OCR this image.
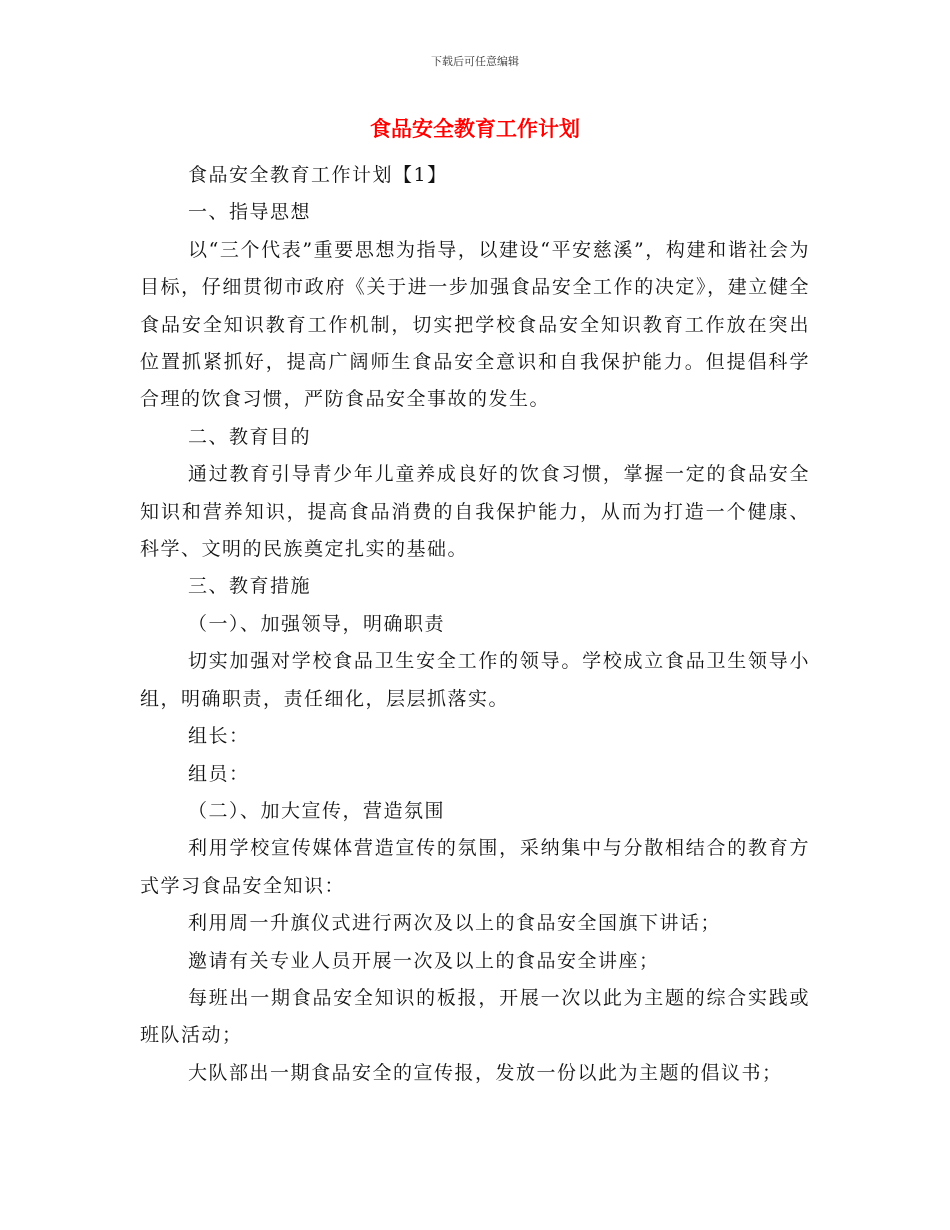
下载后可任意编辑
食品安全教育工作计划

食品安全教育工作计划【1】

一、指导思想

以“三个代表”重要思想为指导，以建设“平安慈溪”，构建和谐社会为目标，仔细贯彻市政府《关于进一步加强食品安全工作的决定》，建立健全食品安全知识教育工作机制，切实把学校食品安全知识教育工作放在突出位置抓紧抓好，提高广阔师生食品安全意识和自我保护能力。但提倡科学合理的饮食习惯，严防食品安全事故的发生。

二、教育目的

通过教育引导青少年儿童养成良好的饮食习惯，掌握一定的食品安全知识和营养知识，提高食品消费的自我保护能力，从而为打造一个健康、科学、文明的民族奠定扎实的基础。

三、教育措施

（一）、加强领导，明确职责

切实加强对学校食品卫生安全工作的领导。学校成立食品卫生领导小组，明确职责，责任细化，层层抓落实。

组长：

组员：

（二）、加大宣传，营造氛围

利用学校宣传媒体营造宣传的氛围，采纳集中与分散相结合的教育方式学习食品安全知识：

利用周一升旗仪式进行两次及以上的食品安全国旗下讲话；

邀请有关专业人员开展一次及以上的食品安全讲座；

每班出一期食品安全知识的板报，开展一次以此为主题的综合实践或班队活动；

大队部出一期食品安全的宣传报，发放一份以此为主题的倡议书；
